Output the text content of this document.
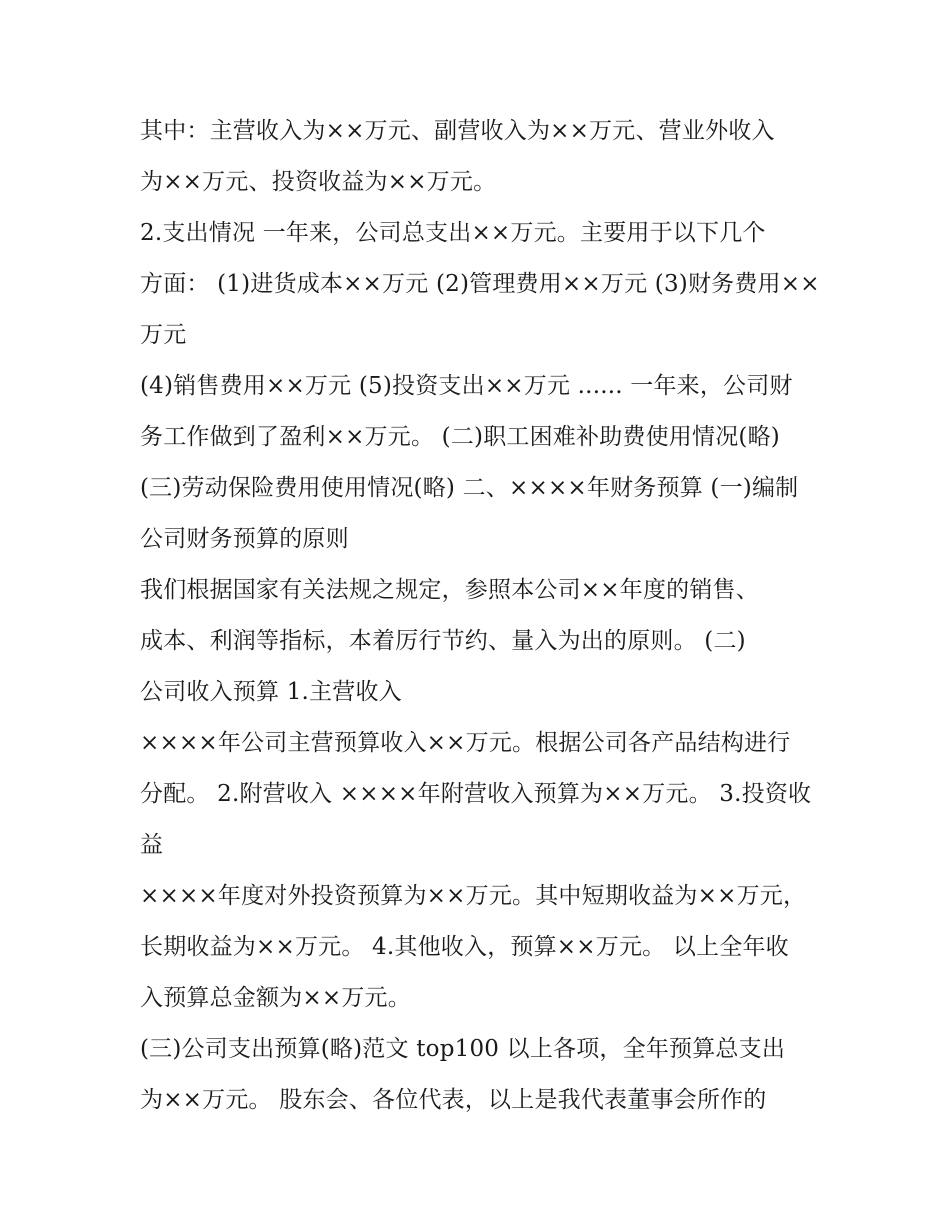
其中：主营收入为××万元、副营收入为××万元、营业外收入
为××万元、投资收益为××万元。
2.支出情况 一年来，公司总支出××万元。主要用于以下几个
方面： (1)进货成本××万元 (2)管理费用××万元 (3)财务费用××
万元
(4)销售费用××万元 (5)投资支出××万元 ...... 一年来，公司财
务工作做到了盈利××万元。 (二)职工困难补助费使用情况(略)
(三)劳动保险费用使用情况(略) 二、××××年财务预算 (一)编制
公司财务预算的原则
我们根据国家有关法规之规定，参照本公司××年度的销售、
成本、利润等指标，本着厉行节约、量入为出的原则。 (二)
公司收入预算 1.主营收入
××××年公司主营预算收入××万元。根据公司各产品结构进行
分配。 2.附营收入 ××××年附营收入预算为××万元。 3.投资收
益
××××年度对外投资预算为××万元。其中短期收益为××万元，
长期收益为××万元。 4.其他收入，预算××万元。 以上全年收
入预算总金额为××万元。
(三)公司支出预算(略)范文 top100 以上各项，全年预算总支出
为××万元。 股东会、各位代表，以上是我代表董事会所作的
